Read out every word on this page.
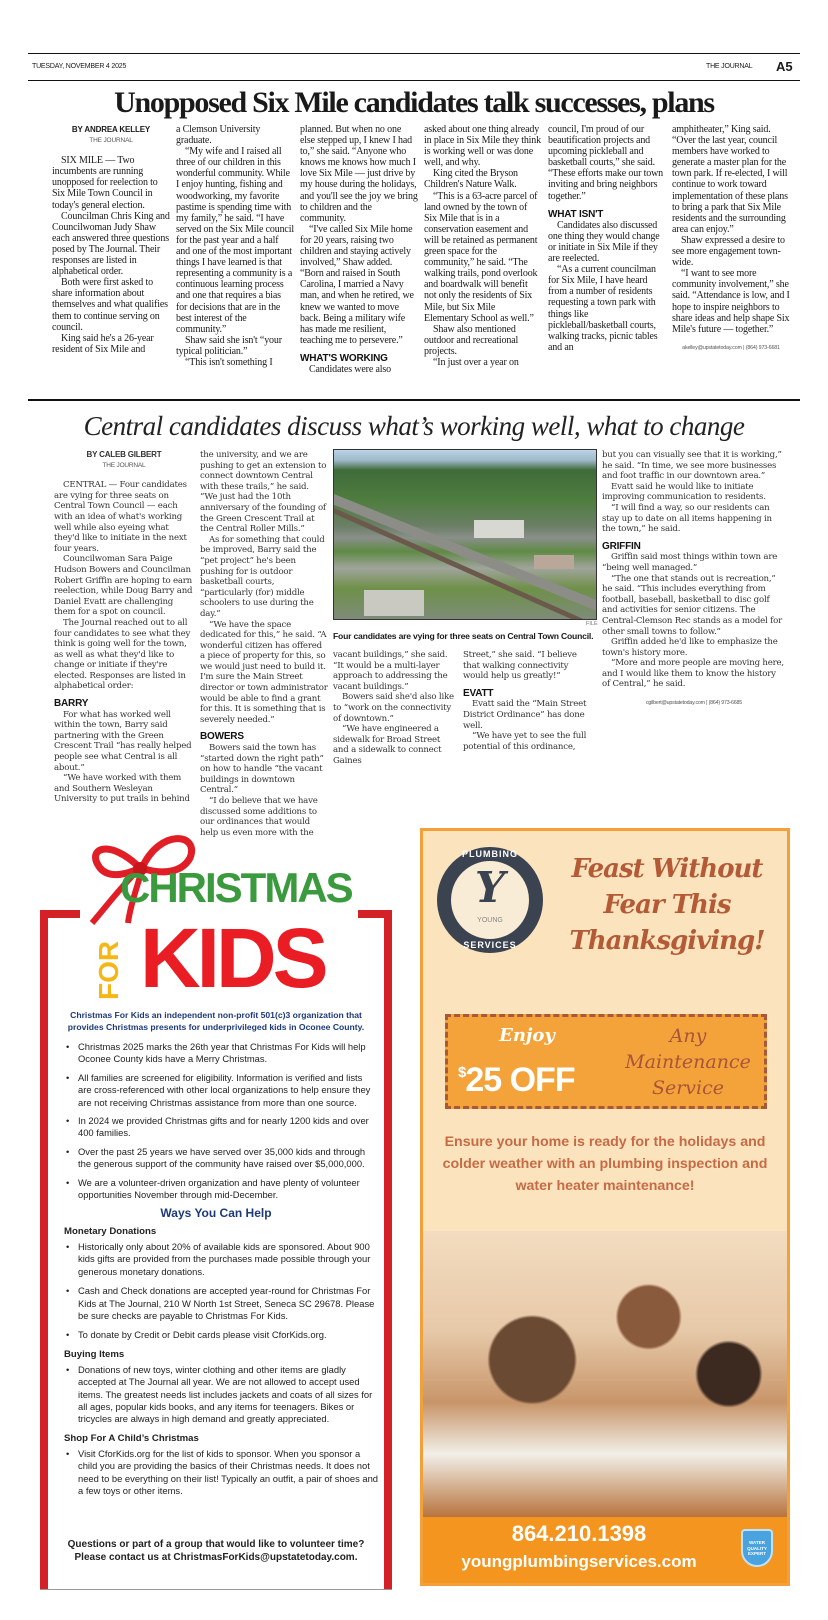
TUESDAY, NOVEMBER 4 2025	THE JOURNAL A5
Unopposed Six Mile candidates talk successes, plans
BY ANDREA KELLEY
THE JOURNAL

SIX MILE — Two incumbents are running unopposed for reelection to Six Mile Town Council in today's general election.

Councilman Chris King and Councilwoman Judy Shaw each answered three questions posed by The Journal. Their responses are listed in alphabetical order.

Both were first asked to share information about themselves and what qualifies them to continue serving on council.

King said he's a 26-year resident of Six Mile and

a Clemson University graduate.

“My wife and I raised all three of our children in this wonderful community. While I enjoy hunting, fishing and woodworking, my favorite pastime is spending time with my family,” he said. “I have served on the Six Mile council for the past year and a half and one of the most important things I have learned is that representing a community is a continuous learning process and one that requires a bias for decisions that are in the best interest of the community.”

Shaw said she isn't “your typical politician.”

“This isn't something I

planned. But when no one else stepped up, I knew I had to,” she said. “Anyone who knows me knows how much I love Six Mile — just drive by my house during the holidays, and you'll see the joy we bring to children and the community.

“I've called Six Mile home for 20 years, raising two children and staying actively involved,” Shaw added. “Born and raised in South Carolina, I married a Navy man, and when he retired, we knew we wanted to move back. Being a military wife has made me resilient, teaching me to persevere.”

WHAT'S WORKING

Candidates were also

asked about one thing already in place in Six Mile they think is working well or was done well, and why.

King cited the Bryson Children's Nature Walk.

“This is a 63-acre parcel of land owned by the town of Six Mile that is in a conservation easement and will be retained as permanent green space for the community,” he said. “The walking trails, pond overlook and boardwalk will benefit not only the residents of Six Mile, but Six Mile Elementary School as well.”

Shaw also mentioned outdoor and recreational projects.

“In just over a year on

council, I'm proud of our beautification projects and upcoming pickleball and basketball courts,” she said. “These efforts make our town inviting and bring neighbors together.”

WHAT ISN'T

Candidates also discussed one thing they would change or initiate in Six Mile if they are reelected.

“As a current councilman for Six Mile, I have heard from a number of residents requesting a town park with things like pickleball/basketball courts, walking tracks, picnic tables and an

amphitheater,” King said. “Over the last year, council members have worked to generate a master plan for the town park. If re-elected, I will continue to work toward implementation of these plans to bring a park that Six Mile residents and the surrounding area can enjoy.”

Shaw expressed a desire to see more engagement town-wide.

“I want to see more community involvement,” she said. “Attendance is low, and I hope to inspire neighbors to share ideas and help shape Six Mile's future — together.”

akelley@upstatetoday.com | (864) 973-6681
Central candidates discuss what’s working well, what to change
BY CALEB GILBERT
THE JOURNAL

CENTRAL — Four candidates are vying for three seats on Central Town Council — each with an idea of what's working well while also eyeing what they'd like to initiate in the next four years.

Councilwoman Sara Paige Hudson Bowers and Councilman Robert Griffin are hoping to earn reelection, while Doug Barry and Daniel Evatt are challenging them for a spot on council.

The Journal reached out to all four candidates to see what they think is going well for the town, as well as what they'd like to change or initiate if they're elected. Responses are listed in alphabetical order:

BARRY

For what has worked well within the town, Barry said partnering with the Green Crescent Trail “has really helped people see what Central is all about.”

“We have worked with them and Southern Wesleyan University to put trails in behind

the university, and we are pushing to get an extension to connect downtown Central with these trails,” he said. “We just had the 10th anniversary of the founding of the Green Crescent Trail at the Central Roller Mills.”

As for something that could be improved, Barry said the “pet project” he's been pushing for is outdoor basketball courts, “particularly (for) middle schoolers to use during the day.”

“We have the space dedicated for this,” he said. “A wonderful citizen has offered a piece of property for this, so we would just need to build it. I'm sure the Main Street director or town administrator would be able to find a grant for this. It is something that is severely needed.”

BOWERS

Bowers said the town has “started down the right path” on how to handle “the vacant buildings in downtown Central.”

“I do believe that we have discussed some additions to our ordinances that would help us even more with the

vacant buildings,” she said. “It would be a multi-layer approach to addressing the vacant buildings.”

Bowers said she'd also like to “work on the connectivity of downtown.”

“We have engineered a sidewalk for Broad Street and a sidewalk to connect Gaines

Street,” she said. “I believe that walking connectivity would help us greatly!”

EVATT

Evatt said the “Main Street District Ordinance” has done well.

“We have yet to see the full potential of this ordinance,

but you can visually see that it is working,” he said. “In time, we see more businesses and foot traffic in our downtown area.”

Evatt said he would like to initiate improving communication to residents.

“I will find a way, so our residents can stay up to date on all items happening in the town,” he said.

GRIFFIN

Griffin said most things within town are “being well managed.”

“The one that stands out is recreation,” he said. “This includes everything from football, baseball, basketball to disc golf and activities for senior citizens. The Central-Clemson Rec stands as a model for other small towns to follow.”

Griffin added he'd like to emphasize the town's history more.

“More and more people are moving here, and I would like them to know the history of Central,” he said.

cgilbert@upstatetoday.com | (864) 973-6685
FILE
Four candidates are vying for three seats on Central Town Council.
CHRISTMAS
FOR KIDS
Christmas For Kids an independent non-profit 501(c)3 organization that provides Christmas presents for underprivileged kids in Oconee County.
• Christmas 2025 marks the 26th year that Christmas For Kids will help Oconee County kids have a Merry Christmas.
• All families are screened for eligibility. Information is verified and lists are cross-referenced with other local organizations to help ensure they are not receiving Christmas assistance from more than one source.
• In 2024 we provided Christmas gifts and for nearly 1200 kids and over 400 families.
• Over the past 25 years we have served over 35,000 kids and through the generous support of the community have raised over $5,000,000.
• We are a volunteer-driven organization and have plenty of volunteer opportunities November through mid-December.
Ways You Can Help
Monetary Donations
• Historically only about 20% of available kids are sponsored. About 900 kids gifts are provided from the purchases made possible through your generous monetary donations.
• Cash and Check donations are accepted year-round for Christmas For Kids at The Journal, 210 W North 1st Street, Seneca SC 29678. Please be sure checks are payable to Christmas For Kids.
• To donate by Credit or Debit cards please visit CforKids.org.
Buying Items
• Donations of new toys, winter clothing and other items are gladly accepted at The Journal all year. We are not allowed to accept used items. The greatest needs list includes jackets and coats of all sizes for all ages, popular kids books, and any items for teenagers. Bikes or tricycles are always in high demand and greatly appreciated.
Shop For A Child’s Christmas
• Visit CforKids.org for the list of kids to sponsor. When you sponsor a child you are providing the basics of their Christmas needs. It does not need to be everything on their list! Typically an outfit, a pair of shoes and a few toys or other items.
Questions or part of a group that would like to volunteer time? Please contact us at ChristmasForKids@upstatetoday.com.
PLUMBING
Y
YOUNG
SERVICES
Feast Without Fear This Thanksgiving!
Enjoy
$25 OFF
Any Maintenance Service
Ensure your home is ready for the holidays and colder weather with an plumbing inspection and water heater maintenance!
864.210.1398
youngplumbingservices.com
WATER QUALITY EXPERT
